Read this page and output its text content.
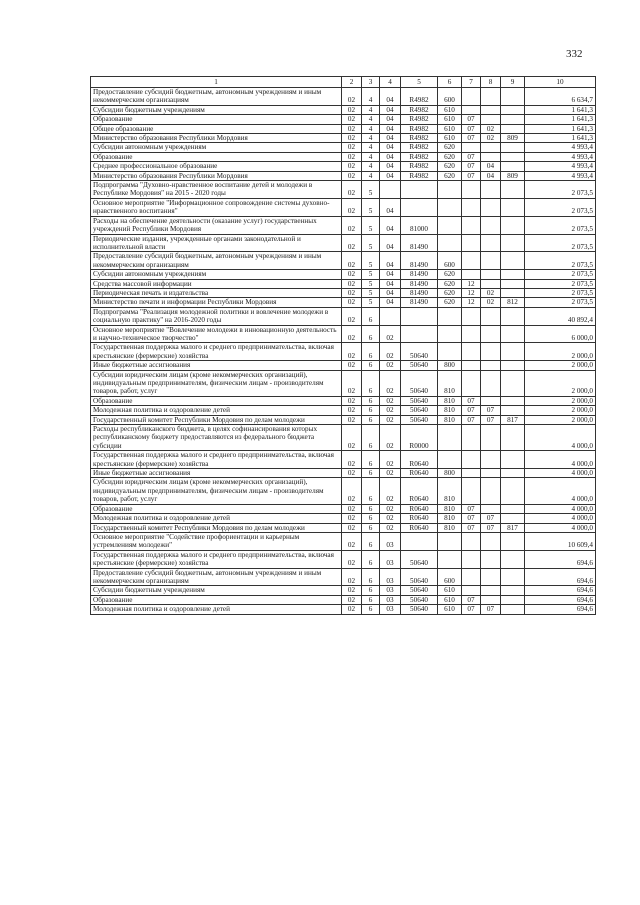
332
1	2	3	4	5	6	7	8	9	10
Предоставление субсидий бюджетным, автономным учреждениям и иным некоммерческим организациям	02	4	04	R4982	600				6 634,7
Субсидии бюджетным учреждениям	02	4	04	R4982	610				1 641,3
Образование	02	4	04	R4982	610	07			1 641,3
Общее образование	02	4	04	R4982	610	07	02		1 641,3
Министерство образования Республики Мордовия	02	4	04	R4982	610	07	02	809	1 641,3
Субсидии автономным учреждениям	02	4	04	R4982	620				4 993,4
Образование	02	4	04	R4982	620	07			4 993,4
Среднее профессиональное образование	02	4	04	R4982	620	07	04		4 993,4
Министерство образования Республики Мордовия	02	4	04	R4982	620	07	04	809	4 993,4
Подпрограмма "Духовно-нравственное воспитание детей и молодежи в Республике Мордовия" на 2015 - 2020 годы	02	5							2 073,5
Основное мероприятие "Информационное сопровождение системы духовно-нравственного воспитания"	02	5	04						2 073,5
Расходы на обеспечение деятельности (оказание услуг) государственных учреждений Республики Мордовия	02	5	04	81000					2 073,5
Периодические издания, учрежденные органами законодательной и исполнительной власти	02	5	04	81490					2 073,5
Предоставление субсидий бюджетным, автономным учреждениям и иным некоммерческим организациям	02	5	04	81490	600				2 073,5
Субсидии автономным учреждениям	02	5	04	81490	620				2 073,5
Средства массовой информации	02	5	04	81490	620	12			2 073,5
Периодическая печать и издательства	02	5	04	81490	620	12	02		2 073,5
Министерство печати и информации Республики Мордовия	02	5	04	81490	620	12	02	812	2 073,5
Подпрограмма "Реализация молодежной политики и вовлечение молодежи в социальную практику" на 2016-2020 годы	02	6							40 892,4
Основное мероприятие "Вовлечение молодежи в инновационную деятельность и научно-техническое творчество"	02	6	02						6 000,0
Государственная поддержка малого и среднего предпринимательства, включая крестьянские (фермерские) хозяйства	02	6	02	50640					2 000,0
Иные бюджетные ассигнования	02	6	02	50640	800				2 000,0
Субсидии юридическим лицам (кроме некоммерческих организаций), индивидуальным предпринимателям, физическим лицам - производителям товаров, работ, услуг	02	6	02	50640	810				2 000,0
Образование	02	6	02	50640	810	07			2 000,0
Молодежная политика и оздоровление детей	02	6	02	50640	810	07	07		2 000,0
Государственный комитет Республики Мордовия по делам молодежи	02	6	02	50640	810	07	07	817	2 000,0
Расходы республиканского бюджета, в целях софинансирования которых республиканскому бюджету предоставляются из федерального бюджета субсидии	02	6	02	R0000					4 000,0
Государственная поддержка малого и среднего предпринимательства, включая крестьянские (фермерские) хозяйства	02	6	02	R0640					4 000,0
Иные бюджетные ассигнования	02	6	02	R0640	800				4 000,0
Субсидии юридическим лицам (кроме некоммерческих организаций), индивидуальным предпринимателям, физическим лицам - производителям товаров, работ, услуг	02	6	02	R0640	810				4 000,0
Образование	02	6	02	R0640	810	07			4 000,0
Молодежная политика и оздоровление детей	02	6	02	R0640	810	07	07		4 000,0
Государственный комитет Республики Мордовия по делам молодежи	02	6	02	R0640	810	07	07	817	4 000,0
Основное мероприятие "Содействие профориентации и карьерным устремлениям молодежи"	02	6	03						10 609,4
Государственная поддержка малого и среднего предпринимательства, включая крестьянские (фермерские) хозяйства	02	6	03	50640					694,6
Предоставление субсидий бюджетным, автономным учреждениям и иным некоммерческим организациям	02	6	03	50640	600				694,6
Субсидии бюджетным учреждениям	02	6	03	50640	610				694,6
Образование	02	6	03	50640	610	07			694,6
Молодежная политика и оздоровление детей	02	6	03	50640	610	07	07		694,6
